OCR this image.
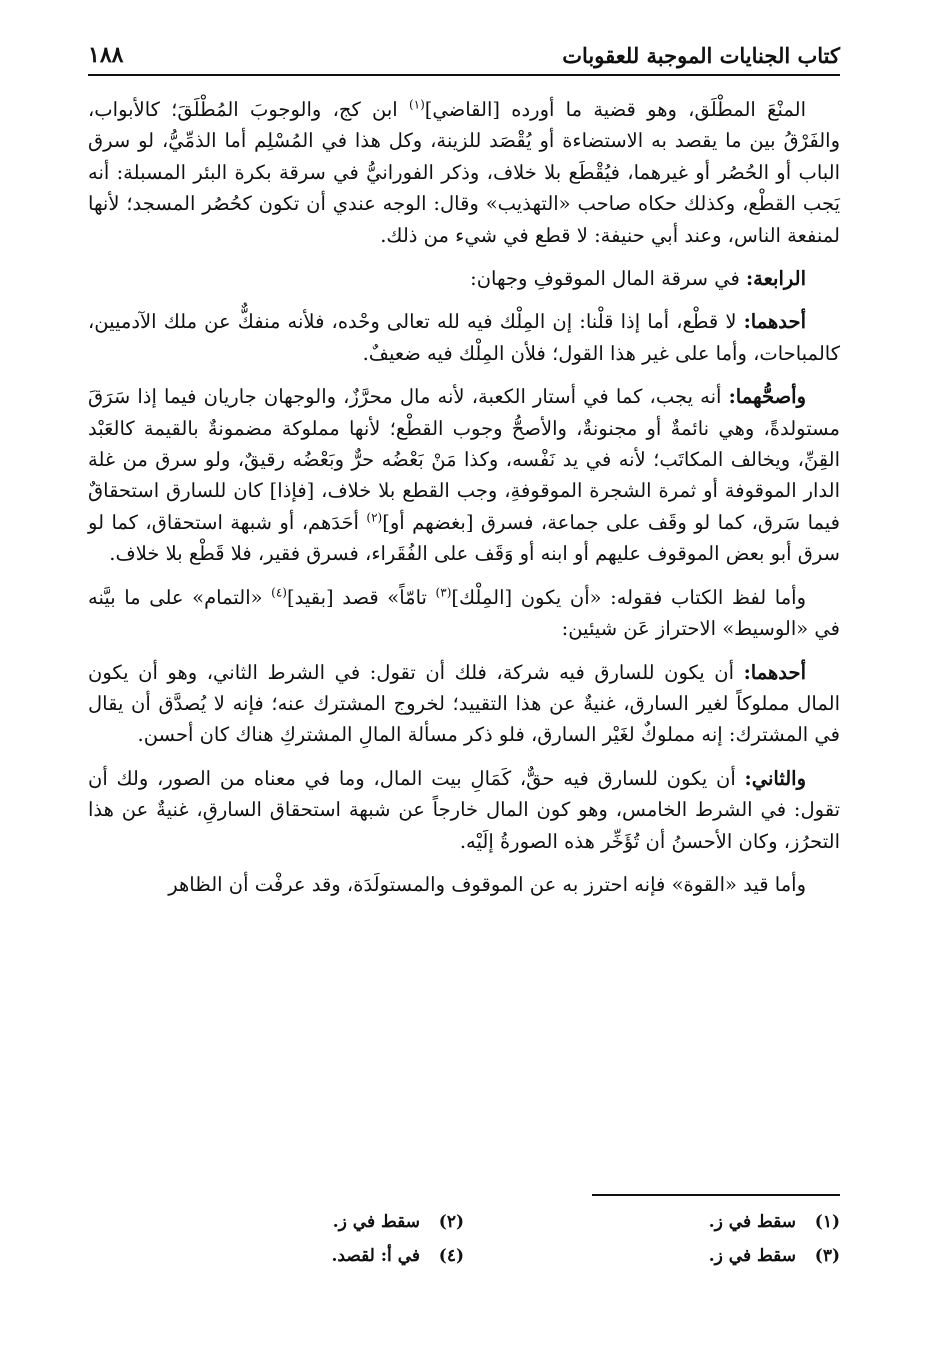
كتاب الجنايات الموجبة للعقوبات
١٨٨

المنْعَ المطْلَق، وهو قضية ما أورده [القاضي]$^{(١)}$ ابن كج، والوجوبَ المُطْلَقَ؛ كالأبواب، والفَرْقُ بين ما يقصد به الاستضاءة أو يُقْصَد للزينة، وكل هذا في المُسْلِم أما الذمِّيُّ، لو سرق الباب أو الحُصُر أو غيرهما، فيُقْطَع بلا خلاف، وذكر الفورانيُّ في سرقة بكرة البئر المسبلة: أنه يَجب القطْع، وكذلك حكاه صاحب «التهذيب» وقال: الوجه عندي أن تكون كحُصُر المسجد؛ لأنها لمنفعة الناس، وعند أبي حنيفة: لا قطع في شيء من ذلك.

الرابعة: في سرقة المال الموقوفِ وجهان:

أحدهما: لا قطْع، أما إذا قلْنا: إن المِلْك فيه لله تعالى وحْده، فلأنه منفكٌّ عن ملك الآدميين، كالمباحات، وأما على غير هذا القول؛ فلأن المِلْك فيه ضعيفٌ.

وأصحُّهما: أنه يجب، كما في أستار الكعبة، لأنه مال محرَّزٌ، والوجهان جاريان فيما إذا سَرَقَ مستولدةً، وهي نائمةٌ أو مجنونةٌ، والأصحُّ وجوب القطْع؛ لأنها مملوكة مضمونةٌ بالقيمة كالعَبْد القِنِّ، ويخالف المكاتَب؛ لأنه في يد نَفْسه، وكذا مَنْ بَعْضُه حرٌّ وبَعْضُه رقيقٌ، ولو سرق من غلة الدار الموقوفة أو ثمرة الشجرة الموقوفةِ، وجب القطع بلا خلاف، [فإذا] كان للسارق استحقاقٌ فيما سَرق، كما لو وقَف على جماعة، فسرق [بغضهم أو]$^{(٢)}$ أحَدَهم، أو شبهة استحقاق، كما لو سرق أبو بعض الموقوف عليهم أو ابنه أو وَقَف على الفُقَراء، فسرق فقير، فلا قَطْع بلا خلاف.

وأما لفظ الكتاب فقوله: «أن يكون [المِلْك]$^{(٣)}$ تامّاً» قصد [بقيد]$^{(٤)}$ «التمام» على ما بيَّنه في «الوسيط» الاحتراز عَن شيئين:

أحدهما: أن يكون للسارق فيه شركة، فلك أن تقول: في الشرط الثاني، وهو أن يكون المال مملوكاً لغير السارق، غنيةٌ عن هذا التقييد؛ لخروج المشترك عنه؛ فإنه لا يُصدَّق أن يقال في المشترك: إنه مملوكٌ لغَيْر السارق، فلو ذكر مسألة المالِ المشتركِ هناك كان أحسن.

والثاني: أن يكون للسارق فيه حقٌّ، كَمَالِ بيت المال، وما في معناه من الصور، ولك أن تقول: في الشرط الخامس، وهو كون المال خارجاً عن شبهة استحقاق السارقِ، غنيةٌ عن هذا التحرُز، وكان الأحسنُ أن تُؤَخِّر هذه الصورةُ إلَيْه.

وأما قيد «القوة» فإنه احترز به عن الموقوف والمستولَدَة، وقد عرفْت أن الظاهر

(١)
سقط في ز.
(٢)
سقط في ز.
(٣)
سقط في ز.
(٤)
في أ: لقصد.
